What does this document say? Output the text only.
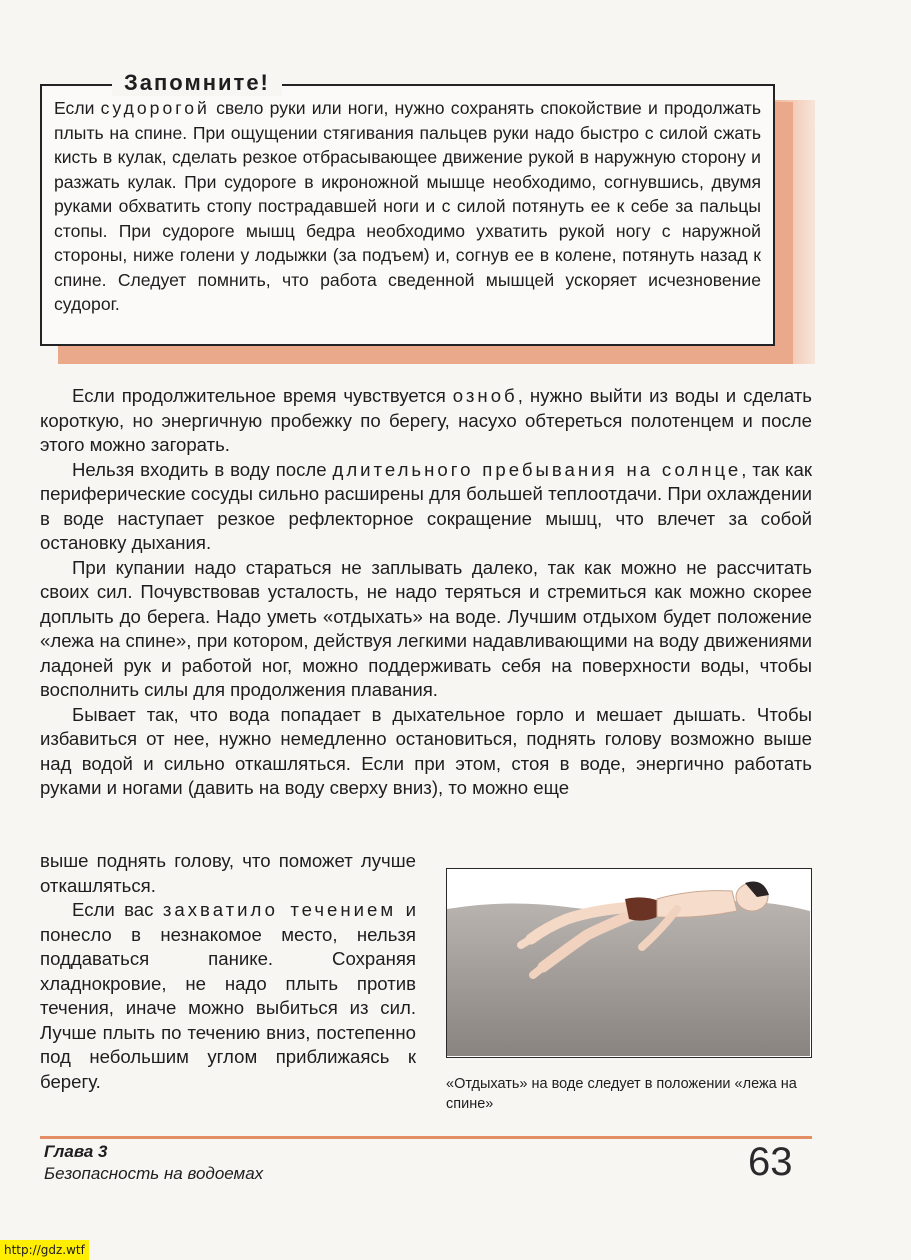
Запомните!
Если судорогой свело руки или ноги, нужно сохранять спокойствие и продолжать плыть на спине. При ощущении стягивания пальцев руки надо быстро с силой сжать кисть в кулак, сделать резкое отбрасывающее движение рукой в наружную сторону и разжать кулак. При судороге в икроножной мышце необходимо, согнувшись, двумя руками обхватить стопу пострадавшей ноги и с силой потянуть ее к себе за пальцы стопы. При судороге мышц бедра необходимо ухватить рукой ногу с наружной стороны, ниже голени у лодыжки (за подъем) и, согнув ее в колене, потянуть назад к спине. Следует помнить, что работа сведенной мышцей ускоряет исчезновение судорог.

Если продолжительное время чувствуется озноб, нужно выйти из воды и сделать короткую, но энергичную пробежку по берегу, насухо обтереться полотенцем и после этого можно загорать.

Нельзя входить в воду после длительного пребывания на солнце, так как периферические сосуды сильно расширены для большей теплоотдачи. При охлаждении в воде наступает резкое рефлекторное сокращение мышц, что влечет за собой остановку дыхания.

При купании надо стараться не заплывать далеко, так как можно не рассчитать своих сил. Почувствовав усталость, не надо теряться и стремиться как можно скорее доплыть до берега. Надо уметь «отдыхать» на воде. Лучшим отдыхом будет положение «лежа на спине», при котором, действуя легкими надавливающими на воду движениями ладоней рук и работой ног, можно поддерживать себя на поверхности воды, чтобы восполнить силы для продолжения плавания.

Бывает так, что вода попадает в дыхательное горло и мешает дышать. Чтобы избавиться от нее, нужно немедленно остановиться, поднять голову возможно выше над водой и сильно откашляться. Если при этом, стоя в воде, энергично работать руками и ногами (давить на воду сверху вниз), то можно еще

выше поднять голову, что поможет лучше откашляться.

Если вас захватило течением и понесло в незнакомое место, нельзя поддаваться панике. Сохраняя хладнокровие, не надо плыть против течения, иначе можно выбиться из сил. Лучше плыть по течению вниз, постепенно под небольшим углом приближаясь к берегу.	«Отдыхать» на воде следует в положении «лежа на спине»
Глава 3
Безопасность на водоемах	63
http://gdz.wtf
